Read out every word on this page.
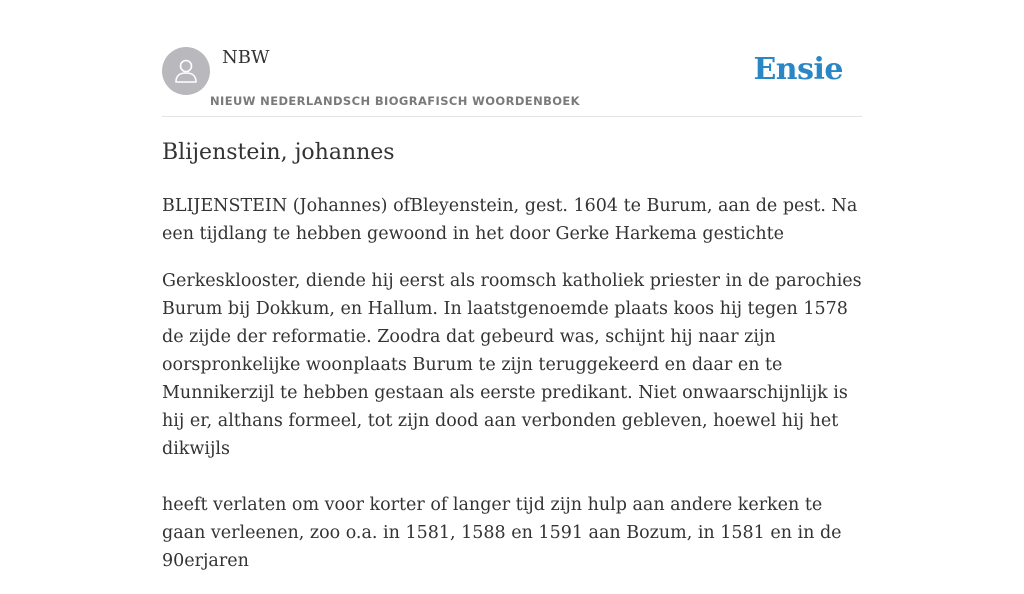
NBW
NIEUW NEDERLANDSCH BIOGRAFISCH WOORDENBOEK
Ensie
Blijenstein, johannes

BLIJENSTEIN (Johannes) ofBleyenstein, gest. 1604 te Burum, aan de pest. Na een tijdlang te hebben gewoond in het door Gerke Harkema gestichte

Gerkesklooster, diende hij eerst als roomsch katholiek priester in de parochies Burum bij Dokkum, en Hallum. In laatstgenoemde plaats koos hij tegen 1578 de zijde der reformatie. Zoodra dat gebeurd was, schijnt hij naar zijn oorspronkelijke woonplaats Burum te zijn teruggekeerd en daar en te Munnikerzijl te hebben gestaan als eerste predikant. Niet onwaarschijnlijk is hij er, althans formeel, tot zijn dood aan verbonden gebleven, hoewel hij het dikwijls

heeft verlaten om voor korter of langer tijd zijn hulp aan andere kerken te gaan verleenen, zoo o.a. in 1581, 1588 en 1591 aan Bozum, in 1581 en in de 90erjaren
